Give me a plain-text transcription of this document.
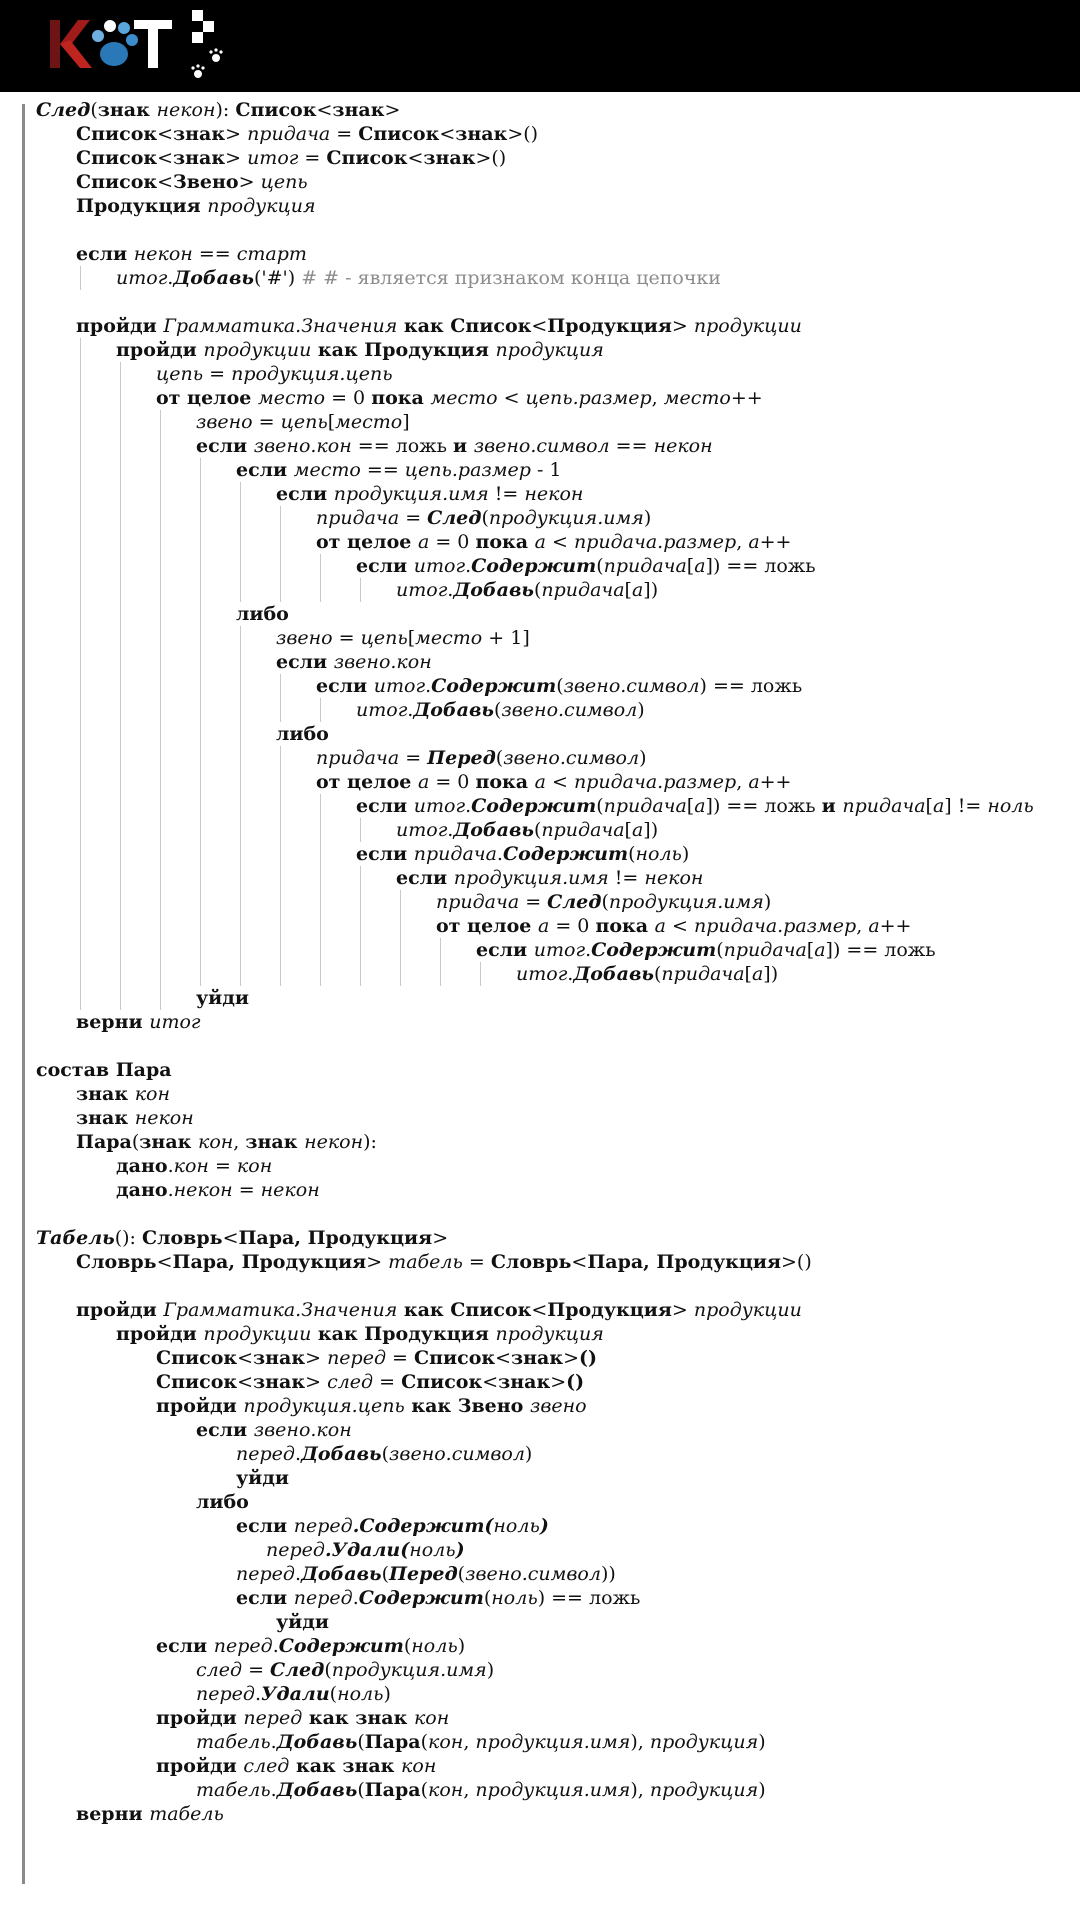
След(знак некон): Список<знак>
Список<знак> придача = Список<знак>()
Список<знак> итог = Список<знак>()
Список<Звено> цепь
Продукция продукция
если некон == старт
итог.Добавь('#') # # - является признаком конца цепочки
пройди Грамматика.Значения как Список<Продукция> продукции
пройди продукции как Продукция продукция
цепь = продукция.цепь
от целое место = 0 пока место < цепь.размер, место++
звено = цепь[место]
если звено.кон == ложь и звено.символ == некон
если место == цепь.размер - 1
если продукция.имя != некон
придача = След(продукция.имя)
от целое а = 0 пока а < придача.размер, а++
если итог.Содержит(придача[а]) == ложь
итог.Добавь(придача[а])
либо
звено = цепь[место + 1]
если звено.кон
если итог.Содержит(звено.символ) == ложь
итог.Добавь(звено.символ)
либо
придача = Перед(звено.символ)
от целое а = 0 пока а < придача.размер, а++
если итог.Содержит(придача[а]) == ложь и придача[а] != ноль
итог.Добавь(придача[а])
если придача.Содержит(ноль)
если продукция.имя != некон
придача = След(продукция.имя)
от целое а = 0 пока а < придача.размер, а++
если итог.Содержит(придача[а]) == ложь
итог.Добавь(придача[а])
уйди
верни итог
состав Пара
знак кон
знак некон
Пара(знак кон, знак некон):
дано.кон = кон
дано.некон = некон
Табель(): Словрь<Пара, Продукция>
Словрь<Пара, Продукция> табель = Словрь<Пара, Продукция>()
пройди Грамматика.Значения как Список<Продукция> продукции
пройди продукции как Продукция продукция
Список<знак> перед = Список<знак>()
Список<знак> след = Список<знак>()
пройди продукция.цепь как Звено звено
если звено.кон
перед.Добавь(звено.символ)
уйди
либо
если перед.Содержит(ноль)
перед.Удали(ноль)
перед.Добавь(Перед(звено.символ))
если перед.Содержит(ноль) == ложь
уйди
если перед.Содержит(ноль)
след = След(продукция.имя)
перед.Удали(ноль)
пройди перед как знак кон
табель.Добавь(Пара(кон, продукция.имя), продукция)
пройди след как знак кон
табель.Добавь(Пара(кон, продукция.имя), продукция)
верни табель
